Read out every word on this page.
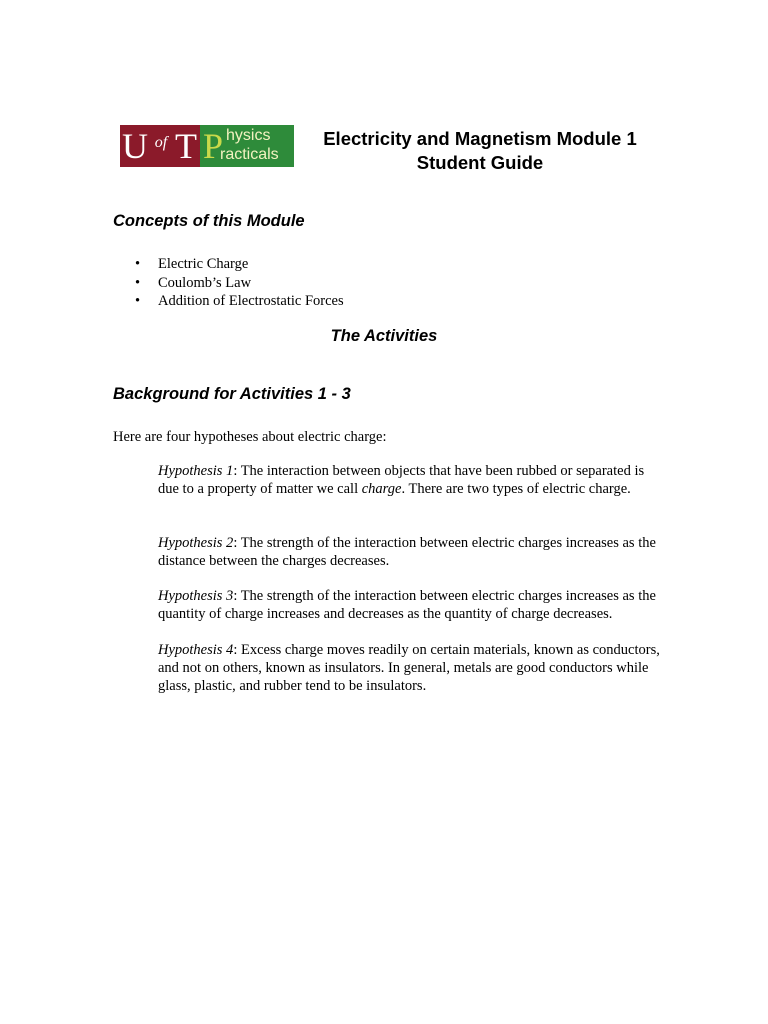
U of T P hysics
racticals
Electricity and Magnetism Module 1
Student Guide
Concepts of this Module
• Electric Charge
• Coulomb’s Law
• Addition of Electrostatic Forces
The Activities
Background for Activities 1 - 3

Here are four hypotheses about electric charge:

Hypothesis 1: The interaction between objects that have been rubbed or separated is due to a property of matter we call charge. There are two types of electric charge.

Hypothesis 2: The strength of the interaction between electric charges increases as the distance between the charges decreases.

Hypothesis 3: The strength of the interaction between electric charges increases as the quantity of charge increases and decreases as the quantity of charge decreases.

Hypothesis 4: Excess charge moves readily on certain materials, known as conductors, and not on others, known as insulators. In general, metals are good conductors while glass, plastic, and rubber tend to be insulators.
